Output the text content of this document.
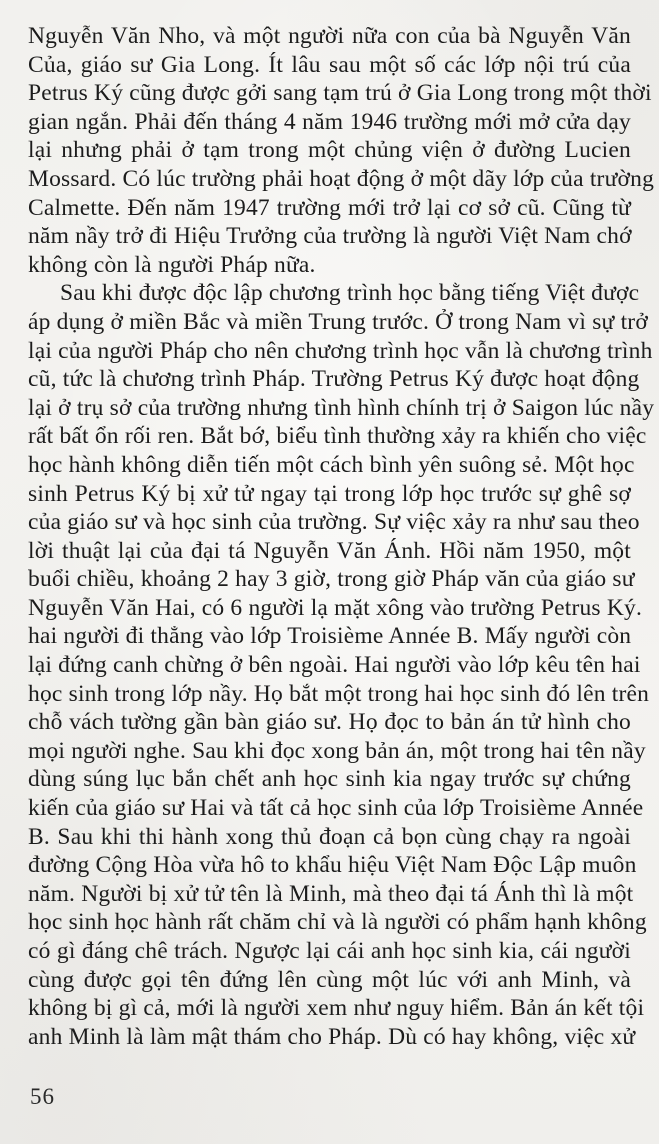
Nguyễn Văn Nho, và một người nữa con của bà Nguyễn Văn
Của, giáo sư Gia Long. Ít lâu sau một số các lớp nội trú của
Petrus Ký cũng được gởi sang tạm trú ở Gia Long trong một thời
gian ngắn. Phải đến tháng 4 năm 1946 trường mới mở cửa dạy
lại nhưng phải ở tạm trong một chủng viện ở đường Lucien
Mossard. Có lúc trường phải hoạt động ở một dãy lớp của trường
Calmette. Đến năm 1947 trường mới trở lại cơ sở cũ. Cũng từ
năm nầy trở đi Hiệu Trưởng của trường là người Việt Nam chớ
không còn là người Pháp nữa.
Sau khi được độc lập chương trình học bằng tiếng Việt được
áp dụng ở miền Bắc và miền Trung trước. Ở trong Nam vì sự trở
lại của người Pháp cho nên chương trình học vẫn là chương trình
cũ, tức là chương trình Pháp. Trường Petrus Ký được hoạt động
lại ở trụ sở của trường nhưng tình hình chính trị ở Saigon lúc nầy
rất bất ổn rối ren. Bắt bớ, biểu tình thường xảy ra khiến cho việc
học hành không diễn tiến một cách bình yên suông sẻ. Một học
sinh Petrus Ký bị xử tử ngay tại trong lớp học trước sự ghê sợ
của giáo sư và học sinh của trường. Sự việc xảy ra như sau theo
lời thuật lại của đại tá Nguyễn Văn Ánh. Hồi năm 1950, một
buổi chiều, khoảng 2 hay 3 giờ, trong giờ Pháp văn của giáo sư
Nguyễn Văn Hai, có 6 người lạ mặt xông vào trường Petrus Ký.
hai người đi thẳng vào lớp Troisième Année B. Mấy người còn
lại đứng canh chừng ở bên ngoài. Hai người vào lớp kêu tên hai
học sinh trong lớp nầy. Họ bắt một trong hai học sinh đó lên trên
chỗ vách tường gần bàn giáo sư. Họ đọc to bản án tử hình cho
mọi người nghe. Sau khi đọc xong bản án, một trong hai tên nầy
dùng súng lục bắn chết anh học sinh kia ngay trước sự chứng
kiến của giáo sư Hai và tất cả học sinh của lớp Troisième Année
B. Sau khi thi hành xong thủ đoạn cả bọn cùng chạy ra ngoài
đường Cộng Hòa vừa hô to khẩu hiệu Việt Nam Độc Lập muôn
năm. Người bị xử tử tên là Minh, mà theo đại tá Ánh thì là một
học sinh học hành rất chăm chỉ và là người có phẩm hạnh không
có gì đáng chê trách. Ngược lại cái anh học sinh kia, cái người
cùng được gọi tên đứng lên cùng một lúc với anh Minh, và
không bị gì cả, mới là người xem như nguy hiểm. Bản án kết tội
anh Minh là làm mật thám cho Pháp. Dù có hay không, việc xử
56
